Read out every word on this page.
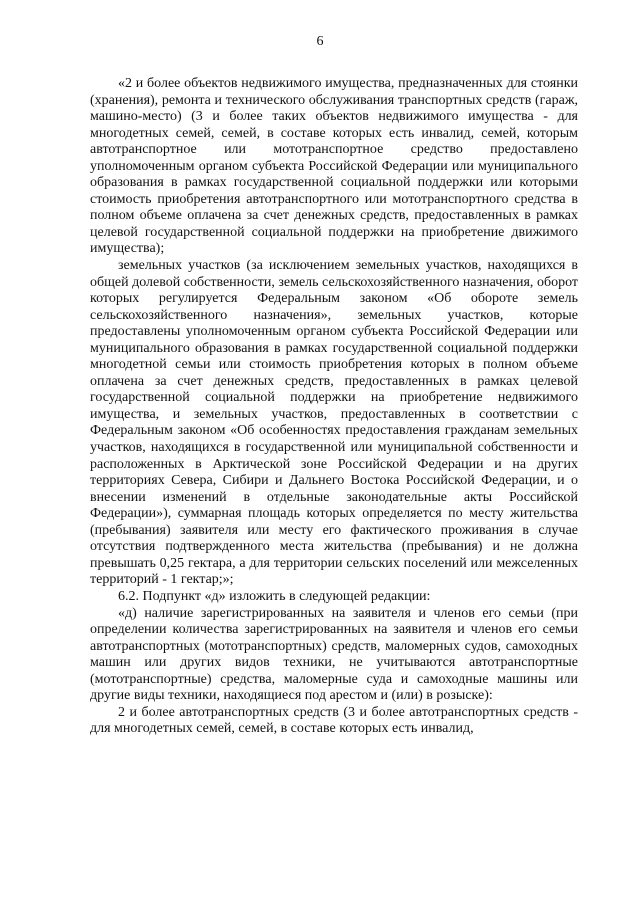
6

«2 и более объектов недвижимого имущества, предназначенных для стоянки (хранения), ремонта и технического обслуживания транспортных средств (гараж, машино-место) (3 и более таких объектов недвижимого имущества - для многодетных семей, семей, в составе которых есть инвалид, семей, которым автотранспортное или мототранспортное средство предоставлено уполномоченным органом субъекта Российской Федерации или муниципального образования в рамках государственной социальной поддержки или которыми стоимость приобретения автотранспортного или мототранспортного средства в полном объеме оплачена за счет денежных средств, предоставленных в рамках целевой государственной социальной поддержки на приобретение движимого имущества);

земельных участков (за исключением земельных участков, находящихся в общей долевой собственности, земель сельскохозяйственного назначения, оборот которых регулируется Федеральным законом «Об обороте земель сельскохозяйственного назначения», земельных участков, которые предоставлены уполномоченным органом субъекта Российской Федерации или муниципального образования в рамках государственной социальной поддержки многодетной семьи или стоимость приобретения которых в полном объеме оплачена за счет денежных средств, предоставленных в рамках целевой государственной социальной поддержки на приобретение недвижимого имущества, и земельных участков, предоставленных в соответствии с Федеральным законом «Об особенностях предоставления гражданам земельных участков, находящихся в государственной или муниципальной собственности и расположенных в Арктической зоне Российской Федерации и на других территориях Севера, Сибири и Дальнего Востока Российской Федерации, и о внесении изменений в отдельные законодательные акты Российской Федерации»), суммарная площадь которых определяется по месту жительства (пребывания) заявителя или месту его фактического проживания в случае отсутствия подтвержденного места жительства (пребывания) и не должна превышать 0,25 гектара, а для территории сельских поселений или межселенных территорий - 1 гектар;»;

6.2. Подпункт «д» изложить в следующей редакции:

«д) наличие зарегистрированных на заявителя и членов его семьи (при определении количества зарегистрированных на заявителя и членов его семьи автотранспортных (мототранспортных) средств, маломерных судов, самоходных машин или других видов техники, не учитываются автотранспортные (мототранспортные) средства, маломерные суда и самоходные машины или другие виды техники, находящиеся под арестом и (или) в розыске):

2 и более автотранспортных средств (3 и более автотранспортных средств - для многодетных семей, семей, в составе которых есть инвалид,
